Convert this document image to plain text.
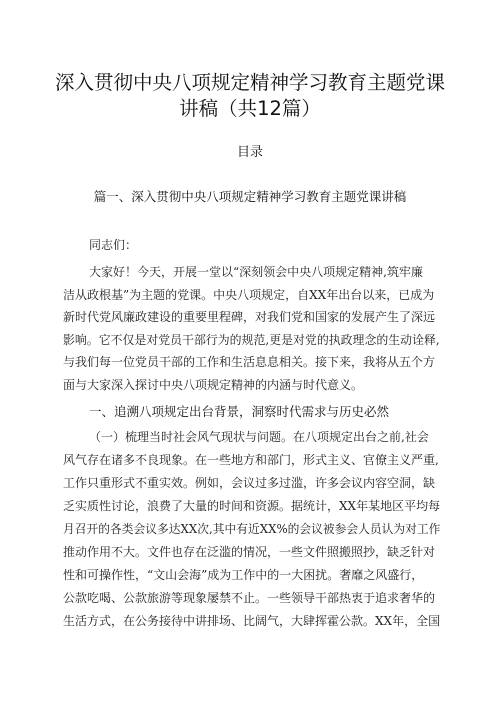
深入贯彻中央八项规定精神学习教育主题党课
讲稿（共12篇）
目录
篇一、深入贯彻中央八项规定精神学习教育主题党课讲稿
同志们：
大家好！今天，开展一堂以“深刻领会中央八项规定精神,筑牢廉
洁从政根基”为主题的党课。中央八项规定，自XX年出台以来，已成为
新时代党风廉政建设的重要里程碑，对我们党和国家的发展产生了深远
影响。它不仅是对党员干部行为的规范,更是对党的执政理念的生动诠释,
与我们每一位党员干部的工作和生活息息相关。接下来，我将从五个方
面与大家深入探讨中央八项规定精神的内涵与时代意义。
一、追溯八项规定出台背景，洞察时代需求与历史必然
（一）梳理当时社会风气现状与问题。在八项规定出台之前,社会
风气存在诸多不良现象。在一些地方和部门，形式主义、官僚主义严重,
工作只重形式不重实效。例如，会议过多过滥，许多会议内容空洞，缺
乏实质性讨论，浪费了大量的时间和资源。据统计，XX年某地区平均每
月召开的各类会议多达XX次,其中有近XX%的会议被参会人员认为对工作
推动作用不大。文件也存在泛滥的情况，一些文件照搬照抄，缺乏针对
性和可操作性，“文山会海”成为工作中的一大困扰。奢靡之风盛行，
公款吃喝、公款旅游等现象屡禁不止。一些领导干部热衷于追求奢华的
生活方式，在公务接待中讲排场、比阔气，大肆挥霍公款。XX年，全国
